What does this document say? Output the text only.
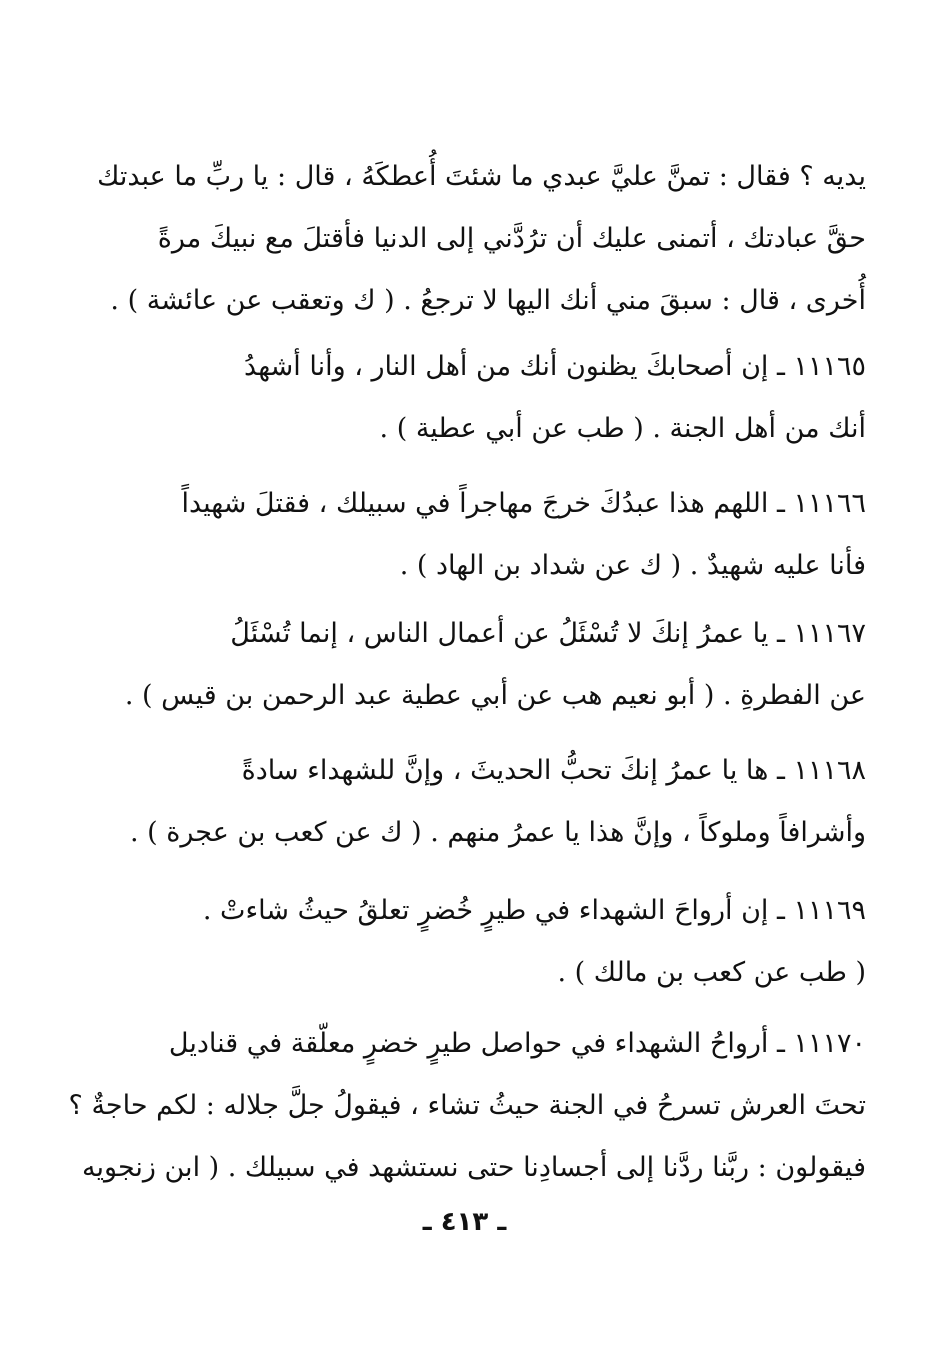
يديه ؟ فقال : تمنَّ عليَّ عبدي ما شئتَ أُعطكَهُ ، قال : يا ربِّ ما عبدتك
حقَّ عبادتك ، أتمنى عليك أن ترُدَّني إلى الدنيا فأقتلَ مع نبيكَ مرةً
أُخرى ، قال : سبقَ مني أنك اليها لا ترجعُ . ( ك وتعقب عن عائشة ) .
١١١٦٥ ـ إن أصحابكَ يظنون أنك من أهل النار ، وأنا أشهدُ
أنك من أهل الجنة . ( طب عن أبي عطية ) .
١١١٦٦ ـ اللهم هذا عبدُكَ خرجَ مهاجراً في سبيلك ، فقتلَ شهيداً
فأنا عليه شهيدٌ . ( ك عن شداد بن الهاد ) .
١١١٦٧ ـ يا عمرُ إنكَ لا تُسْئَلُ عن أعمال الناس ، إنما تُسْئَلُ
عن الفطرةِ . ( أبو نعيم هب عن أبي عطية عبد الرحمن بن قيس ) .
١١١٦٨ ـ ها يا عمرُ إنكَ تحبُّ الحديثَ ، وإنَّ للشهداء سادةً
وأشرافاً وملوكاً ، وإنَّ هذا يا عمرُ منهم . ( ك عن كعب بن عجرة ) .
١١١٦٩ ـ إن أرواحَ الشهداء في طيرٍ خُضرٍ تعلقُ حيثُ شاءتْ .
( طب عن كعب بن مالك ) .
١١١٧٠ ـ أرواحُ الشهداء في حواصل طيرٍ خضرٍ معلّقة في قناديل
تحتَ العرش تسرحُ في الجنة حيثُ تشاء ، فيقولُ جلَّ جلاله : لكم حاجةٌ ؟
فيقولون : ربَّنا ردَّنا إلى أجسادِنا حتى نستشهد في سبيلك . ( ابن زنجويه
ـ ٤١٣ ـ
